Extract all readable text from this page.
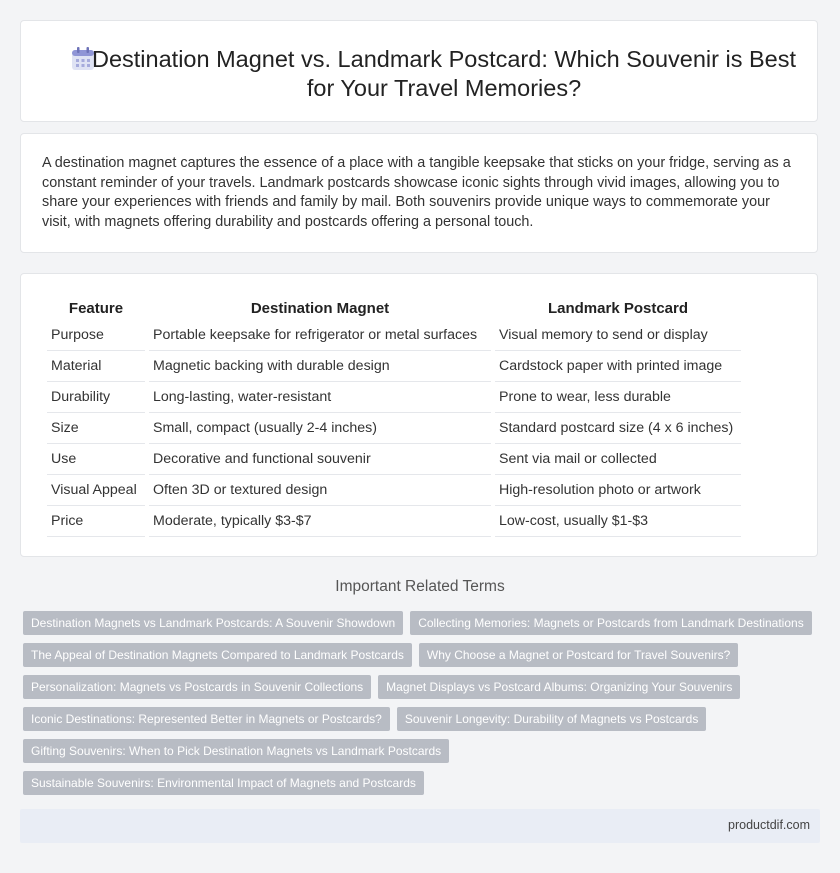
Destination Magnet vs. Landmark Postcard: Which Souvenir is Best for Your Travel Memories?

A destination magnet captures the essence of a place with a tangible keepsake that sticks on your fridge, serving as a constant reminder of your travels. Landmark postcards showcase iconic sights through vivid images, allowing you to share your experiences with friends and family by mail. Both souvenirs provide unique ways to commemorate your visit, with magnets offering durability and postcards offering a personal touch.

Feature	Destination Magnet	Landmark Postcard
Purpose	Portable keepsake for refrigerator or metal surfaces	Visual memory to send or display
Material	Magnetic backing with durable design	Cardstock paper with printed image
Durability	Long-lasting, water-resistant	Prone to wear, less durable
Size	Small, compact (usually 2-4 inches)	Standard postcard size (4 x 6 inches)
Use	Decorative and functional souvenir	Sent via mail or collected
Visual Appeal	Often 3D or textured design	High-resolution photo or artwork
Price	Moderate, typically $3-$7	Low-cost, usually $1-$3
Important Related Terms
Destination Magnets vs Landmark Postcards: A Souvenir Showdown	Collecting Memories: Magnets or Postcards from Landmark Destinations
The Appeal of Destination Magnets Compared to Landmark Postcards	Why Choose a Magnet or Postcard for Travel Souvenirs?
Personalization: Magnets vs Postcards in Souvenir Collections	Magnet Displays vs Postcard Albums: Organizing Your Souvenirs
Iconic Destinations: Represented Better in Magnets or Postcards?	Souvenir Longevity: Durability of Magnets vs Postcards
Gifting Souvenirs: When to Pick Destination Magnets vs Landmark Postcards
Sustainable Souvenirs: Environmental Impact of Magnets and Postcards
productdif.com
